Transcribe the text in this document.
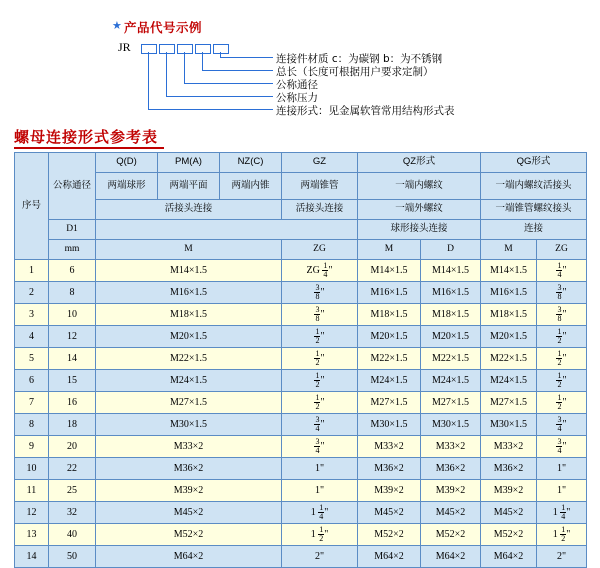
★ 产品代号示例
JR
连接件材质 c：为碳钢 b：为不锈钢
总长（长度可根据用户要求定制）
公称通径
公称压力
连接形式：见金属软管常用结构形式表
螺母连接形式参考表
序号	公称通径	Q(D)	PM(A)	NZ(C)	GZ	QZ形式		QG形式	
		两端球形	两端平面	两端内锥	两端锥管	一端内螺纹		一端内螺纹活接头	
		活接头连接			活接头连接	一端外螺纹		一端锥管螺纹接头	
	D1					球形接头连接		连接	
	mm	M			ZG	M	D	M	ZG
1	6	M14×1.5			ZG $\frac{1}{4}$ "	M14×1.5	M14×1.5	M14×1.5	$\frac{1}{4}$ "
2	8	M16×1.5			$\frac{3}{8}$ "	M16×1.5	M16×1.5	M16×1.5	$\frac{3}{8}$ "
3	10	M18×1.5			$\frac{3}{8}$ "	M18×1.5	M18×1.5	M18×1.5	$\frac{3}{8}$ "
4	12	M20×1.5			$\frac{1}{2}$ "	M20×1.5	M20×1.5	M20×1.5	$\frac{1}{2}$ "
5	14	M22×1.5			$\frac{1}{2}$ "	M22×1.5	M22×1.5	M22×1.5	$\frac{1}{2}$ "
6	15	M24×1.5			$\frac{1}{2}$ "	M24×1.5	M24×1.5	M24×1.5	$\frac{1}{2}$ "
7	16	M27×1.5			$\frac{1}{2}$ "	M27×1.5	M27×1.5	M27×1.5	$\frac{1}{2}$ "
8	18	M30×1.5			$\frac{3}{4}$ "	M30×1.5	M30×1.5	M30×1.5	$\frac{3}{4}$ "
9	20	M33×2			$\frac{3}{4}$ "	M33×2	M33×2	M33×2	$\frac{3}{4}$ "
10	22	M36×2			1"	M36×2	M36×2	M36×2	1"
11	25	M39×2			1"	M39×2	M39×2	M39×2	1"
12	32	M45×2			$1 \frac{1}{4}$ "	M45×2	M45×2	M45×2	$1 \frac{1}{4}$ "
13	40	M52×2			$1 \frac{1}{2}$ "	M52×2	M52×2	M52×2	$1 \frac{1}{2}$ "
14	50	M64×2			2"	M64×2	M64×2	M64×2	2"
